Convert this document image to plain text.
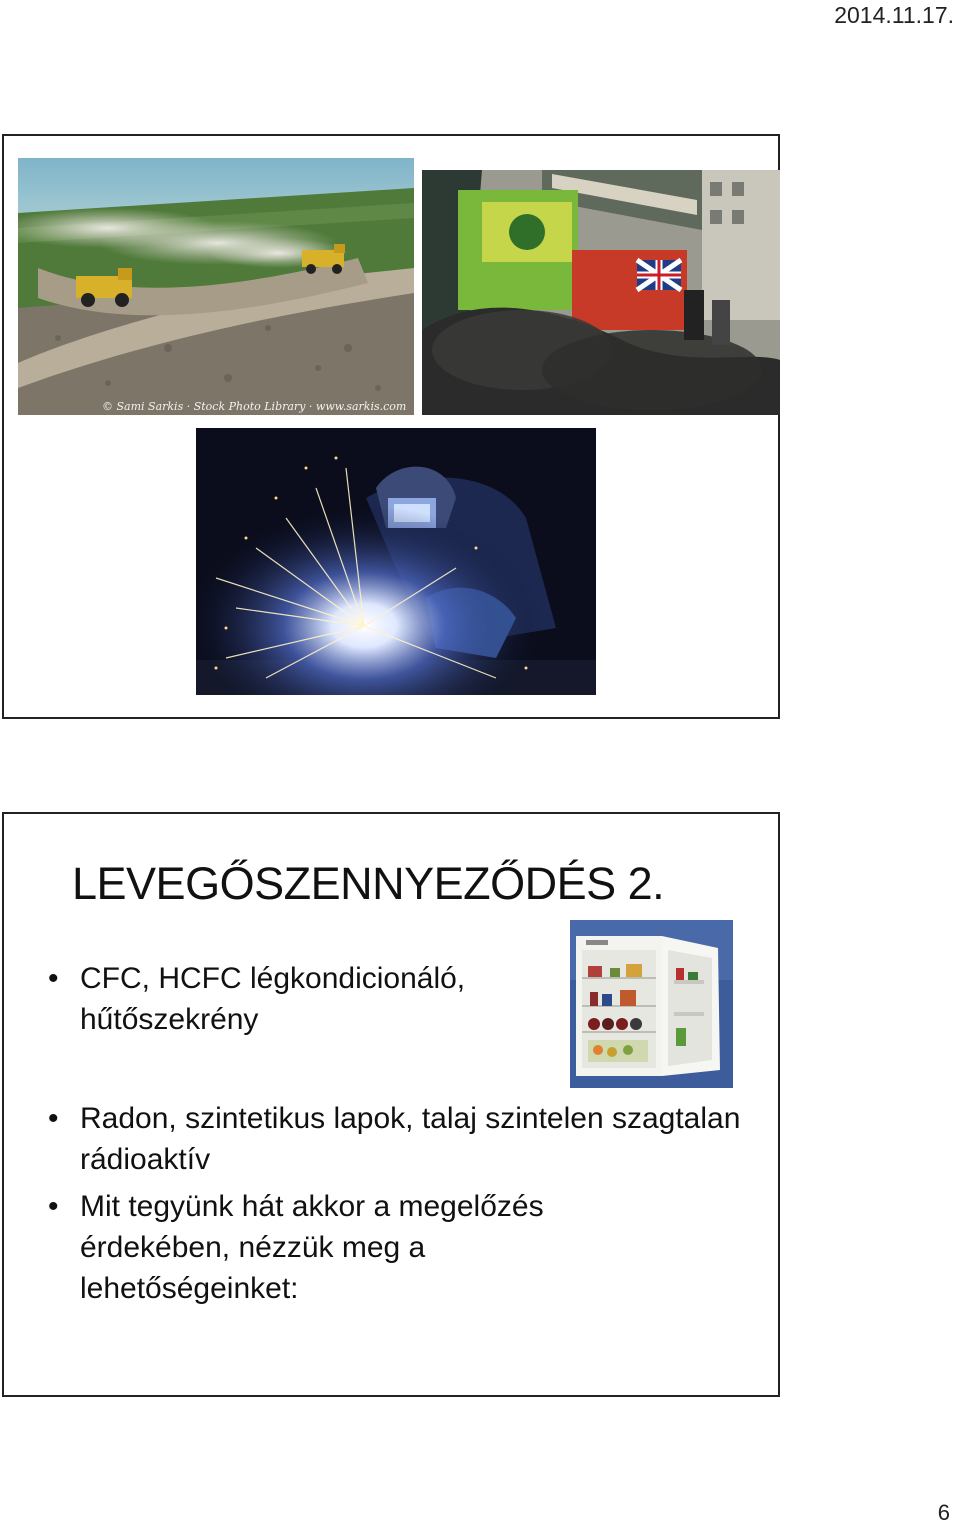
2014.11.17.
© Sami Sarkis · Stock Photo Library · www.sarkis.com
LEVEGŐSZENNYEZŐDÉS 2.
• CFC, HCFC légkondicionáló, hűtőszekrény
• Radon, szintetikus lapok, talaj szintelen szagtalan rádioaktív
• Mit tegyünk hát akkor a megelőzés érdekében, nézzük meg a lehetőségeinket:
6
